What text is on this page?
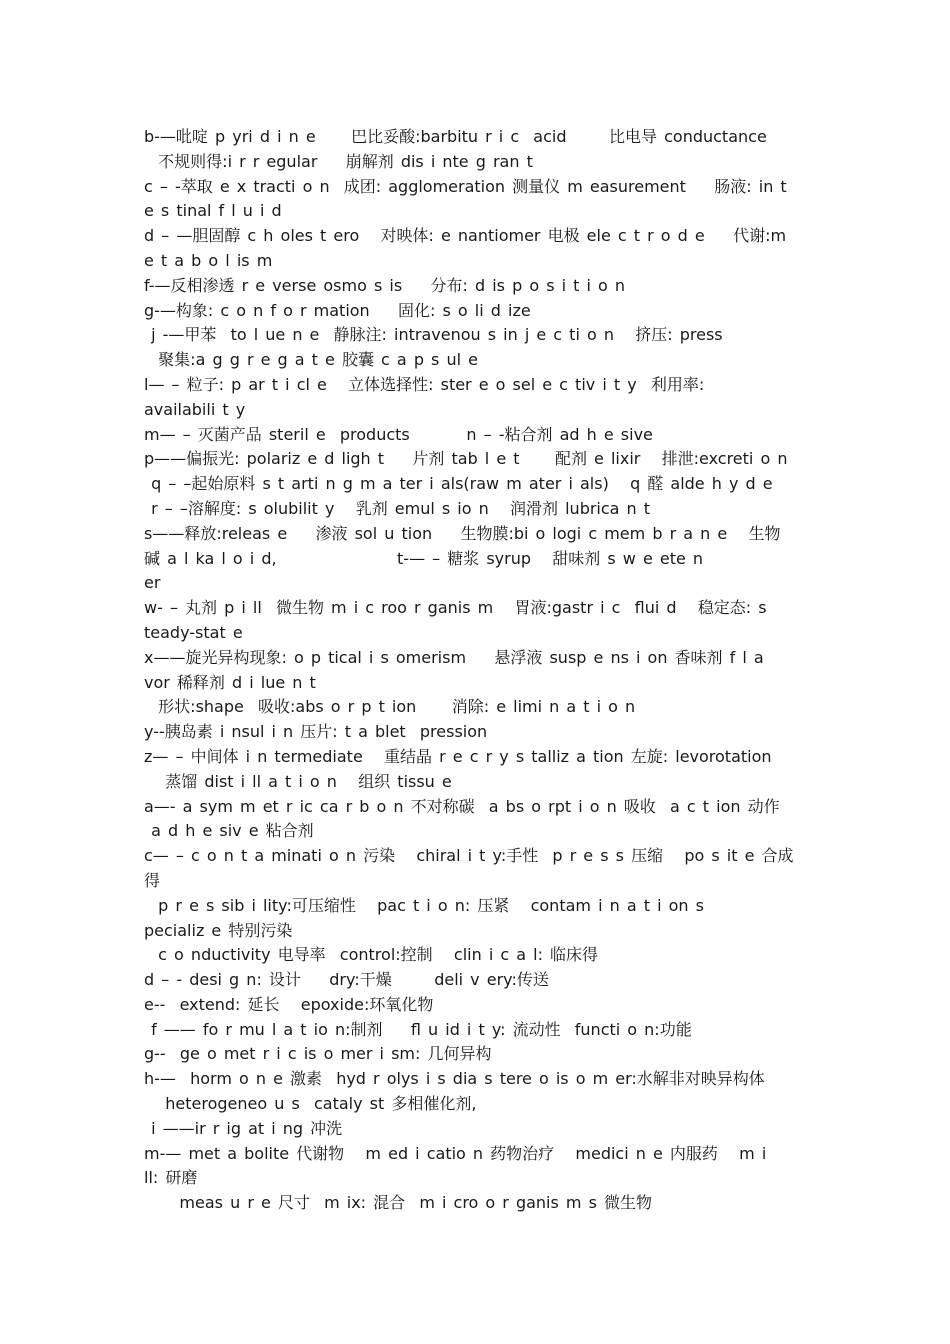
b-—吡啶 p yri d i n e     巴比妥酸:barbitu r i c  acid      比电导 conductance
不规则得:i r r egular    崩解剂 dis i nte g ran t
c – -萃取 e x tracti o n  成团: agglomeration 测量仪 m easurement    肠液: in t
e s tinal f l u i d
d – —胆固醇 c h oles t ero   对映体: e nantiomer 电极 ele c t r o d e    代谢:m
e t a b o l is m
f-—反相渗透 r e verse osmo s is    分布: d is p o s i t i o n
g-—构象: c o n f o r mation    固化: s o li d ize
j -—甲苯  to l ue n e  静脉注: intravenou s in j e c ti o n   挤压: press
聚集:a g g r e g a t e 胶囊 c a p s ul e
l— – 粒子: p ar t i cl e   立体选择性: ster e o sel e c tiv i t y  利用率:
availabili t y
m— – 灭菌产品 steril e  products        n – -粘合剂 ad h e sive
p——偏振光: polariz e d ligh t    片剂 tab l e t     配剂 e lixir   排泄:excreti o n
q – –起始原料 s t arti n g m a ter i als(raw m ater i als)   q 醛 alde h y d e
r – –溶解度: s olubilit y   乳剂 emul s io n   润滑剂 lubrica n t
s——释放:releas e    渗液 sol u tion    生物膜:bi o logi c mem b r a n e   生物
碱 a l ka l o i d,                 t-— – 糖浆 syrup   甜味剂 s w e ete n
er
w- – 丸剂 p i ll  微生物 m i c roo r ganis m   胃液:gastr i c  flui d   稳定态: s
teady-stat e
x——旋光异构现象: o p tical i s omerism    悬浮液 susp e ns i on 香味剂 f l a
vor 稀释剂 d i lue n t
形状:shape  吸收:abs o r p t ion     消除: e limi n a t i o n
y--胰岛素 i nsul i n 压片: t a blet  pression
z— – 中间体 i n termediate   重结晶 r e c r y s talliz a tion 左旋: levorotation
蒸馏 dist i ll a t i o n   组织 tissu e
a—- a sym m et r ic ca r b o n 不对称碳  a bs o rpt i o n 吸收  a c t ion 动作
a d h e siv e 粘合剂
c— – c o n t a minati o n 污染   chiral i t y:手性  p r e s s 压缩   po s it e 合成
得
p r e s sib i lity:可压缩性   pac t i o n: 压紧   contam i n a t i on s
pecializ e 特别污染
c o nductivity 电导率  control:控制   clin i c a l: 临床得
d – - desi g n: 设计    dry:干燥      deli v ery:传送
e--  extend: 延长   epoxide:环氧化物
f —— fo r mu l a t io n:制剂    fl u id i t y: 流动性  functi o n:功能
g--  ge o met r i c is o mer i sm: 几何异构
h-—  horm o n e 激素  hyd r olys i s dia s tere o is o m er:水解非对映异构体
heterogeneo u s  cataly st 多相催化剂,
i ——ir r ig at i ng 冲洗
m-— met a bolite 代谢物   m ed i catio n 药物治疗   medici n e 内服药   m i
ll: 研磨
meas u r e 尺寸  m ix: 混合  m i cro o r ganis m s 微生物
